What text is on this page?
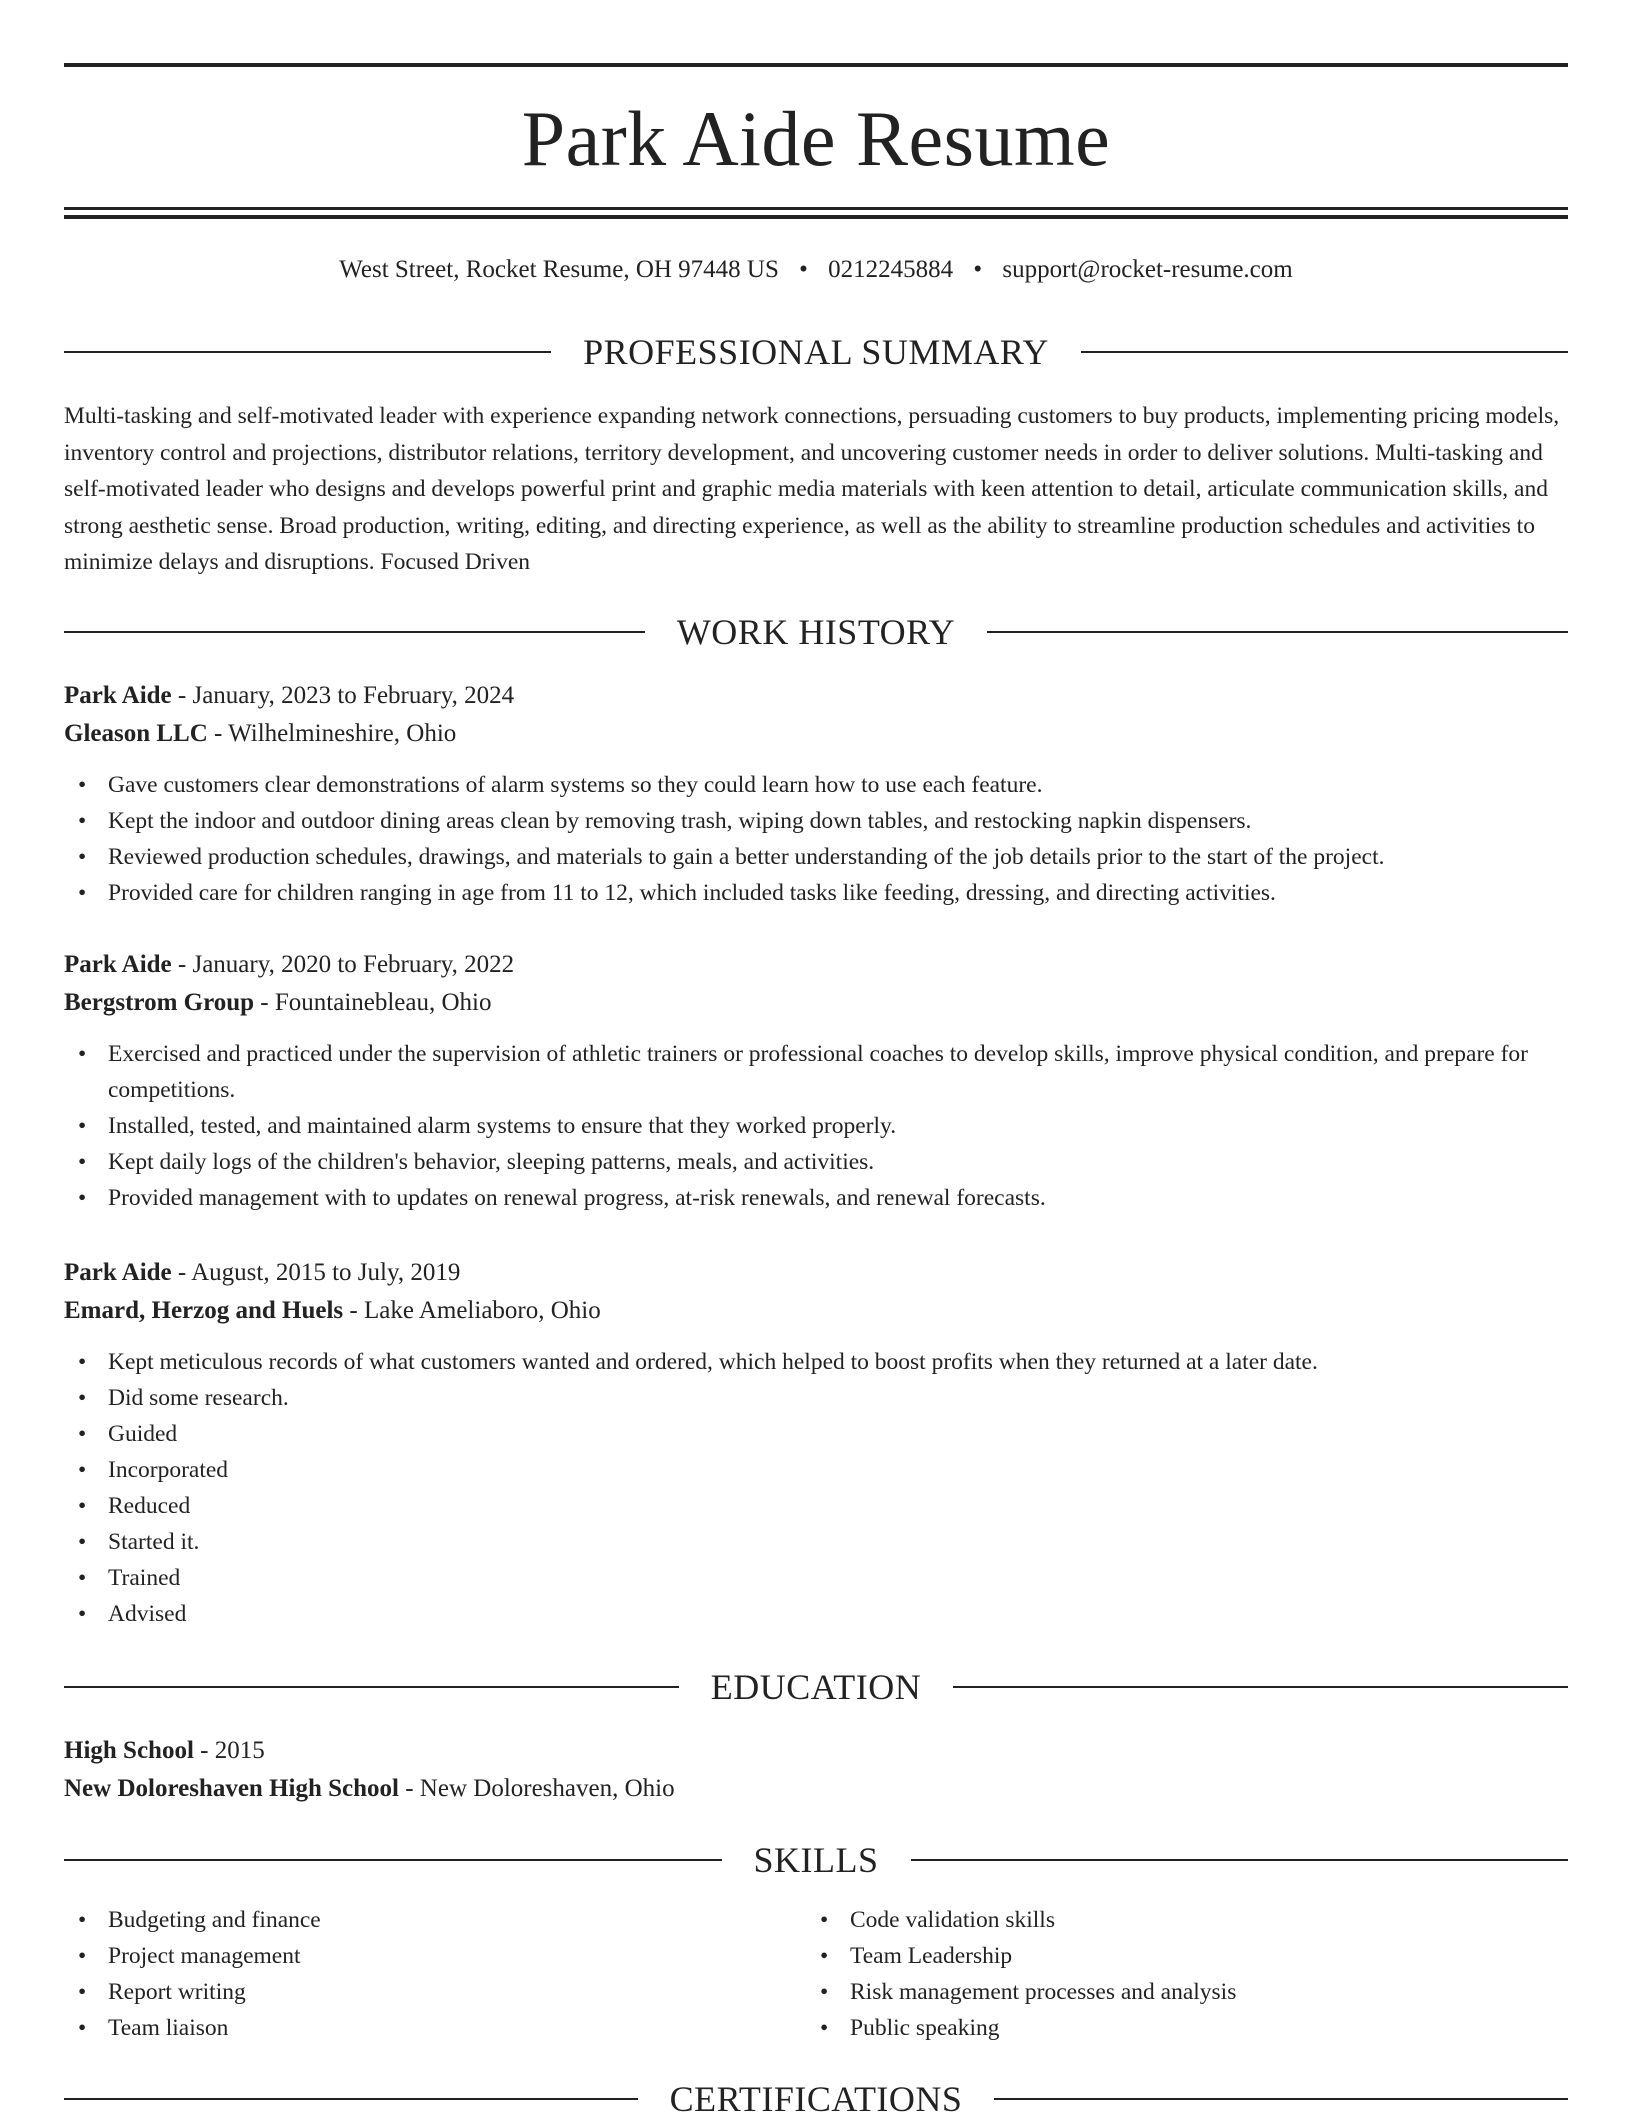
Park Aide Resume
West Street, Rocket Resume, OH 97448 US • 0212245884 • support@rocket-resume.com
PROFESSIONAL SUMMARY
Multi-tasking and self-motivated leader with experience expanding network connections, persuading customers to buy products, implementing pricing models, inventory control and projections, distributor relations, territory development, and uncovering customer needs in order to deliver solutions. Multi-tasking and self-motivated leader who designs and develops powerful print and graphic media materials with keen attention to detail, articulate communication skills, and strong aesthetic sense. Broad production, writing, editing, and directing experience, as well as the ability to streamline production schedules and activities to minimize delays and disruptions. Focused Driven
WORK HISTORY
Park Aide - January, 2023 to February, 2024
Gleason LLC - Wilhelmineshire, Ohio
• Gave customers clear demonstrations of alarm systems so they could learn how to use each feature.
• Kept the indoor and outdoor dining areas clean by removing trash, wiping down tables, and restocking napkin dispensers.
• Reviewed production schedules, drawings, and materials to gain a better understanding of the job details prior to the start of the project.
• Provided care for children ranging in age from 11 to 12, which included tasks like feeding, dressing, and directing activities.
Park Aide - January, 2020 to February, 2022
Bergstrom Group - Fountainebleau, Ohio
• Exercised and practiced under the supervision of athletic trainers or professional coaches to develop skills, improve physical condition, and prepare for competitions.
• Installed, tested, and maintained alarm systems to ensure that they worked properly.
• Kept daily logs of the children's behavior, sleeping patterns, meals, and activities.
• Provided management with to updates on renewal progress, at-risk renewals, and renewal forecasts.
Park Aide - August, 2015 to July, 2019
Emard, Herzog and Huels - Lake Ameliaboro, Ohio
• Kept meticulous records of what customers wanted and ordered, which helped to boost profits when they returned at a later date.
• Did some research.
• Guided
• Incorporated
• Reduced
• Started it.
• Trained
• Advised
EDUCATION
High School - 2015
New Doloreshaven High School - New Doloreshaven, Ohio
SKILLS
• Budgeting and finance
• Project management
• Report writing
• Team liaison
• Code validation skills
• Team Leadership
• Risk management processes and analysis
• Public speaking
CERTIFICATIONS
